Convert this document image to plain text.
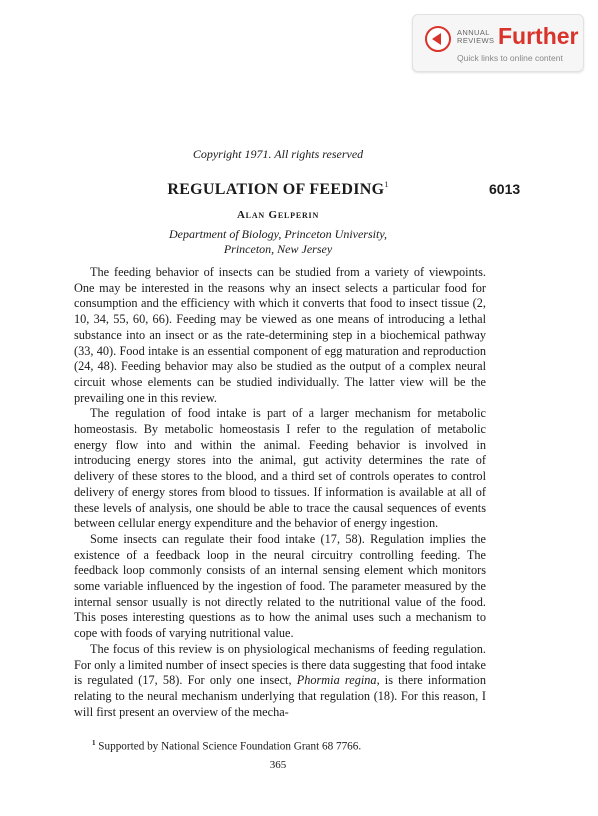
ANNUAL
REVIEWS Further
Quick links to online content
Copyright 1971. All rights reserved
REGULATION OF FEEDING$^1$	6013
Alan Gelperin
Department of Biology, Princeton University,
Princeton, New Jersey

The feeding behavior of insects can be studied from a variety of viewpoints. One may be interested in the reasons why an insect selects a particular food for consumption and the efficiency with which it converts that food to insect tissue (2, 10, 34, 55, 60, 66). Feeding may be viewed as one means of introducing a lethal substance into an insect or as the rate-determining step in a biochemical pathway (33, 40). Food intake is an essential component of egg maturation and reproduction (24, 48). Feeding behavior may also be studied as the output of a complex neural circuit whose elements can be studied individually. The latter view will be the prevailing one in this review.

The regulation of food intake is part of a larger mechanism for metabolic homeostasis. By metabolic homeostasis I refer to the regulation of metabolic energy flow into and within the animal. Feeding behavior is involved in introducing energy stores into the animal, gut activity determines the rate of delivery of these stores to the blood, and a third set of controls operates to control delivery of energy stores from blood to tissues. If information is available at all of these levels of analysis, one should be able to trace the causal sequences of events between cellular energy expenditure and the behavior of energy ingestion.

Some insects can regulate their food intake (17, 58). Regulation implies the existence of a feedback loop in the neural circuitry controlling feeding. The feedback loop commonly consists of an internal sensing element which monitors some variable influenced by the ingestion of food. The parameter measured by the internal sensor usually is not directly related to the nutritional value of the food. This poses interesting questions as to how the animal uses such a mechanism to cope with foods of varying nutritional value.

The focus of this review is on physiological mechanisms of feeding regulation. For only a limited number of insect species is there data suggesting that food intake is regulated (17, 58). For only one insect, Phormia regina, is there information relating to the neural mechanism underlying that regulation (18). For this reason, I will first present an overview of the mecha-

$^1$ Supported by National Science Foundation Grant 68 7766.
365
